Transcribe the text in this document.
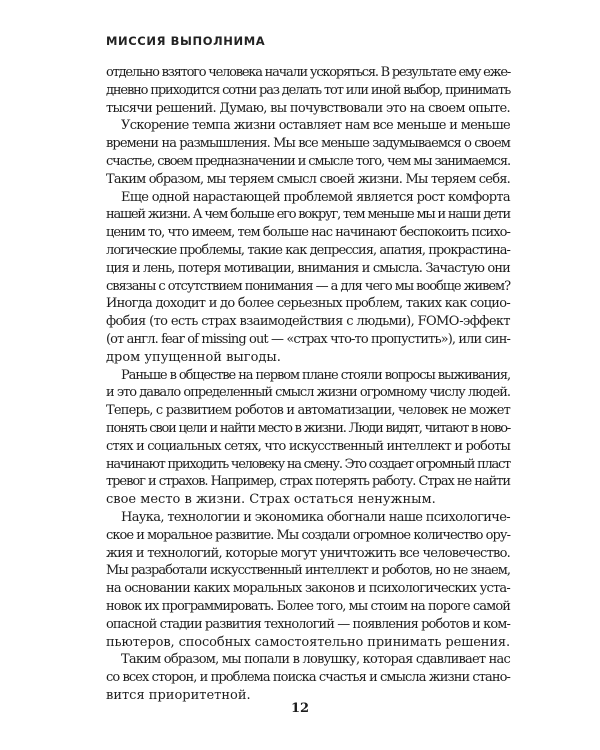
МИССИЯ ВЫПОЛНИМА

отдельно взятого человека начали ускоряться. В результате ему еже-
дневно приходится сотни раз делать тот или иной выбор, принимать
тысячи решений. Думаю, вы почувствовали это на своем опыте.

Ускорение темпа жизни оставляет нам все меньше и меньше
времени на размышления. Мы все меньше задумываемся о своем
счастье, своем предназначении и смысле того, чем мы занимаемся.
Таким образом, мы теряем смысл своей жизни. Мы теряем себя.

Еще одной нарастающей проблемой является рост комфорта
нашей жизни. А чем больше его вокруг, тем меньше мы и наши дети
ценим то, что имеем, тем больше нас начинают беспокоить психо-
логические проблемы, такие как депрессия, апатия, прокрастина-
ция и лень, потеря мотивации, внимания и смысла. Зачастую они
связаны с отсутствием понимания — а для чего мы вообще живем?
Иногда доходит и до более серьезных проблем, таких как социо-
фобия (то есть страх взаимодействия с людьми), FOMO-эффект
(от англ. fear of missing out — «страх что-то пропустить»), или син-
дром упущенной выгоды.

Раньше в обществе на первом плане стояли вопросы выживания,
и это давало определенный смысл жизни огромному числу людей.
Теперь, с развитием роботов и автоматизации, человек не может
понять свои цели и найти место в жизни. Люди видят, читают в ново-
стях и социальных сетях, что искусственный интеллект и роботы
начинают приходить человеку на смену. Это создает огромный пласт
тревог и страхов. Например, страх потерять работу. Страх не найти
свое место в жизни. Страх остаться ненужным.

Наука, технологии и экономика обогнали наше психологиче-
ское и моральное развитие. Мы создали огромное количество ору-
жия и технологий, которые могут уничтожить все человечество.
Мы разработали искусственный интеллект и роботов, но не знаем,
на основании каких моральных законов и психологических уста-
новок их программировать. Более того, мы стоим на пороге самой
опасной стадии развития технологий — появления роботов и ком-
пьютеров, способных самостоятельно принимать решения.

Таким образом, мы попали в ловушку, которая сдавливает нас
со всех сторон, и проблема поиска счастья и смысла жизни стано-
вится приоритетной.

12
